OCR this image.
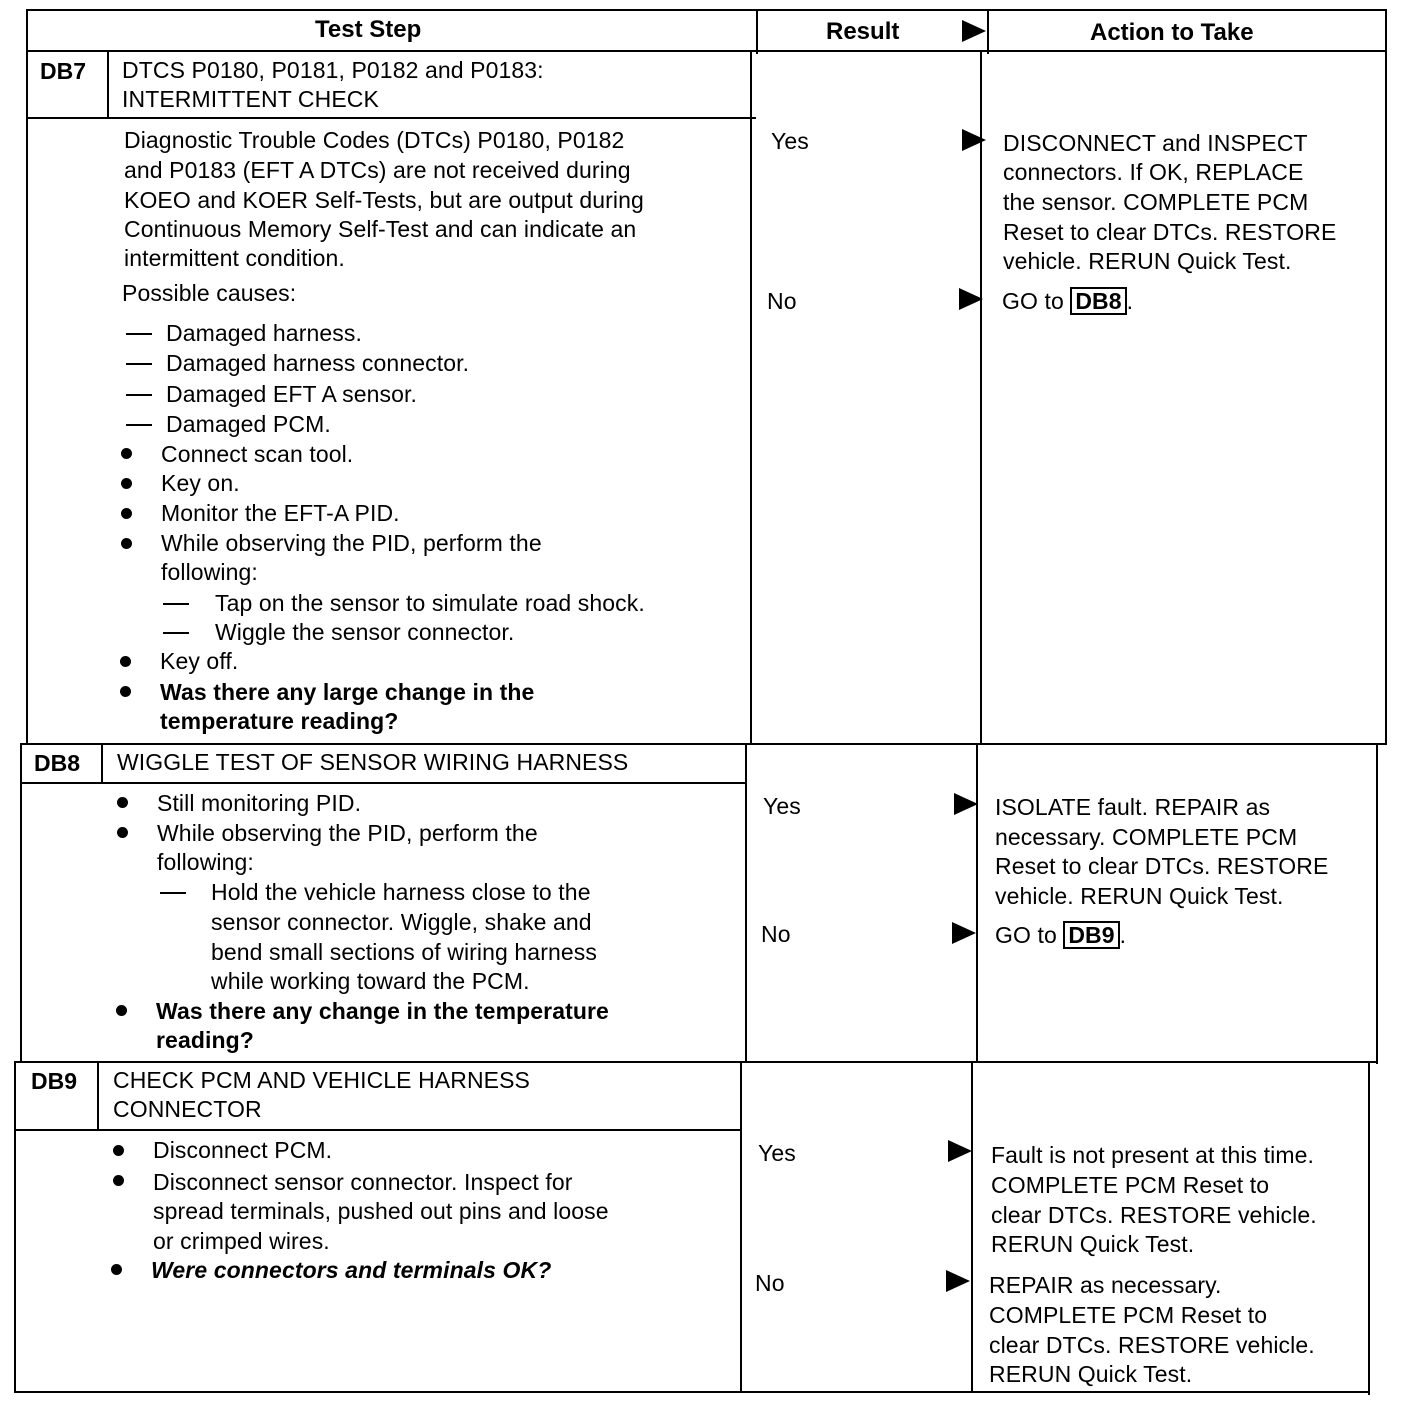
Test Step	Result	Action to Take
DB7 DTCS P0180, P0181, P0182 and P0183:
INTERMITTENT CHECK
Diagnostic Trouble Codes (DTCs) P0180, P0182
and P0183 (EFT A DTCs) are not received during
KOEO and KOER Self-Tests, but are output during
Continuous Memory Self-Test and can indicate an
intermittent condition.
Possible causes:
Damaged harness.
Damaged harness connector.
Damaged EFT A sensor.
Damaged PCM.
Connect scan tool.
Key on.
Monitor the EFT-A PID.
While observing the PID, perform the
following:
Tap on the sensor to simulate road shock.
Wiggle the sensor connector.
Key off.
Was there any large change in the
temperature reading?
Yes
No
DISCONNECT and INSPECT
connectors. If OK, REPLACE
the sensor. COMPLETE PCM
Reset to clear DTCs. RESTORE
vehicle. RERUN Quick Test.
GO to DB8 .
DB8 WIGGLE TEST OF SENSOR WIRING HARNESS
Still monitoring PID.
While observing the PID, perform the
following:
Hold the vehicle harness close to the
sensor connector. Wiggle, shake and
bend small sections of wiring harness
while working toward the PCM.
Was there any change in the temperature
reading?
Yes
No
ISOLATE fault. REPAIR as
necessary. COMPLETE PCM
Reset to clear DTCs. RESTORE
vehicle. RERUN Quick Test.
GO to DB9 .
DB9 CHECK PCM AND VEHICLE HARNESS
CONNECTOR
Disconnect PCM.
Disconnect sensor connector. Inspect for
spread terminals, pushed out pins and loose
or crimped wires.
Were connectors and terminals OK?
Yes
No
Fault is not present at this time.
COMPLETE PCM Reset to
clear DTCs. RESTORE vehicle.
RERUN Quick Test.
REPAIR as necessary.
COMPLETE PCM Reset to
clear DTCs. RESTORE vehicle.
RERUN Quick Test.
